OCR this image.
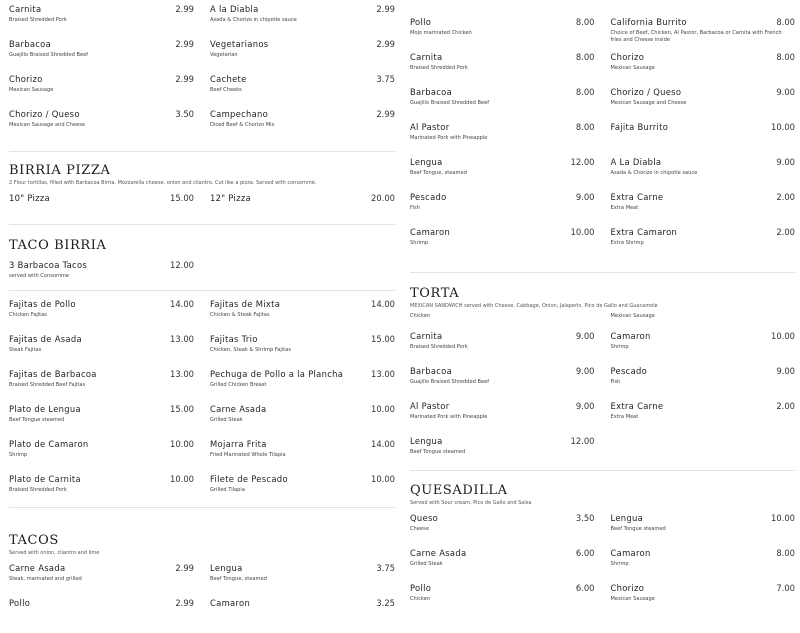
Carnita	2.99
Braised Shredded Pork
A la Diabla	2.99
Asada & Chorizo in chipotle sauce
Barbacoa	2.99
Guajillo Braised Shredded Beef
Vegetarianos	2.99
Vegetarian
Chorizo	2.99
Mexican Sausage
Cachete	3.75
Beef Cheeks
Chorizo / Queso	3.50
Mexican Sausage and Cheese
Campechano	2.99
Diced Beef & Chorizo Mix
BIRRIA PIZZA
2 Flour tortillas, filled with Barbacoa Birria, Mozzarella cheese, onion and cilantro. Cut like a pizza. Served with consommé.
10" Pizza	15.00 12" Pizza	20.00
TACO BIRRIA
3 Barbacoa Tacos	12.00
served with Consomme
Fajitas de Pollo	14.00
Chicken Fajitas
Fajitas de Mixta	14.00
Chicken & Steak Fajitas
Fajitas de Asada	13.00
Steak Fajitas
Fajitas Trio	15.00
Chicken, Steak & Shrimp Fajitas
Fajitas de Barbacoa	13.00
Braised Shredded Beef Fajitas
Pechuga de Pollo a la Plancha	13.00
Grilled Chicken Breast
Plato de Lengua	15.00
Beef Tongue steamed
Carne Asada	10.00
Grilled Steak
Plato de Camaron	10.00
Shrimp
Mojarra Frita	14.00
Fried Marinated Whole Tilapia
Plato de Carnita	10.00
Braised Shredded Pork
Filete de Pescado	10.00
Grilled Tilapia
TACOS
Served with onion, cilantro and lime
Carne Asada	2.99
Steak, marinated and grilled
Lengua	3.75
Beef Tongue, steamed
Pollo	2.99 Camaron	3.25
Pollo	8.00
Mojo marinated Chicken
California Burrito	8.00
Choice of Beef, Chicken, Al Pastor, Barbacoa or Carnita with French fries and Cheese inside
Carnita	8.00
Braised Shredded Pork
Chorizo	8.00
Mexican Sausage
Barbacoa	8.00
Guajillo Braised Shredded Beef
Chorizo / Queso	9.00
Mexican Sausage and Cheese
Al Pastor	8.00
Marinated Pork with Pineapple
Fajita Burrito	10.00
Lengua	12.00
Beef Tongue, steamed
A La Diabla	9.00
Asada & Chorizo in chipotle sauce
Pescado	9.00
Fish
Extra Carne	2.00
Extra Meat
Camaron	10.00
Shrimp
Extra Camaron	2.00
Extra Shrimp
TORTA
MEXICAN SANDWICH served with Cheese, Cabbage, Onion, Jalapeño, Pico de Gallo and Guacamole
Chicken	Mexican Sausage
Carnita	9.00
Braised Shredded Pork
Camaron	10.00
Shrimp
Barbacoa	9.00
Guajillo Braised Shredded Beef
Pescado	9.00
Fish
Al Pastor	9.00
Marinated Pork with Pineapple
Extra Carne	2.00
Extra Meat
Lengua	12.00
Beef Tongue steamed
QUESADILLA
Served with Sour cream, Pico de Gallo and Salsa
Queso	3.50
Cheese
Lengua	10.00
Beef Tongue steamed
Carne Asada	6.00
Grilled Steak
Camaron	8.00
Shrimp
Pollo	6.00
Chicken
Chorizo	7.00
Mexican Sausage
